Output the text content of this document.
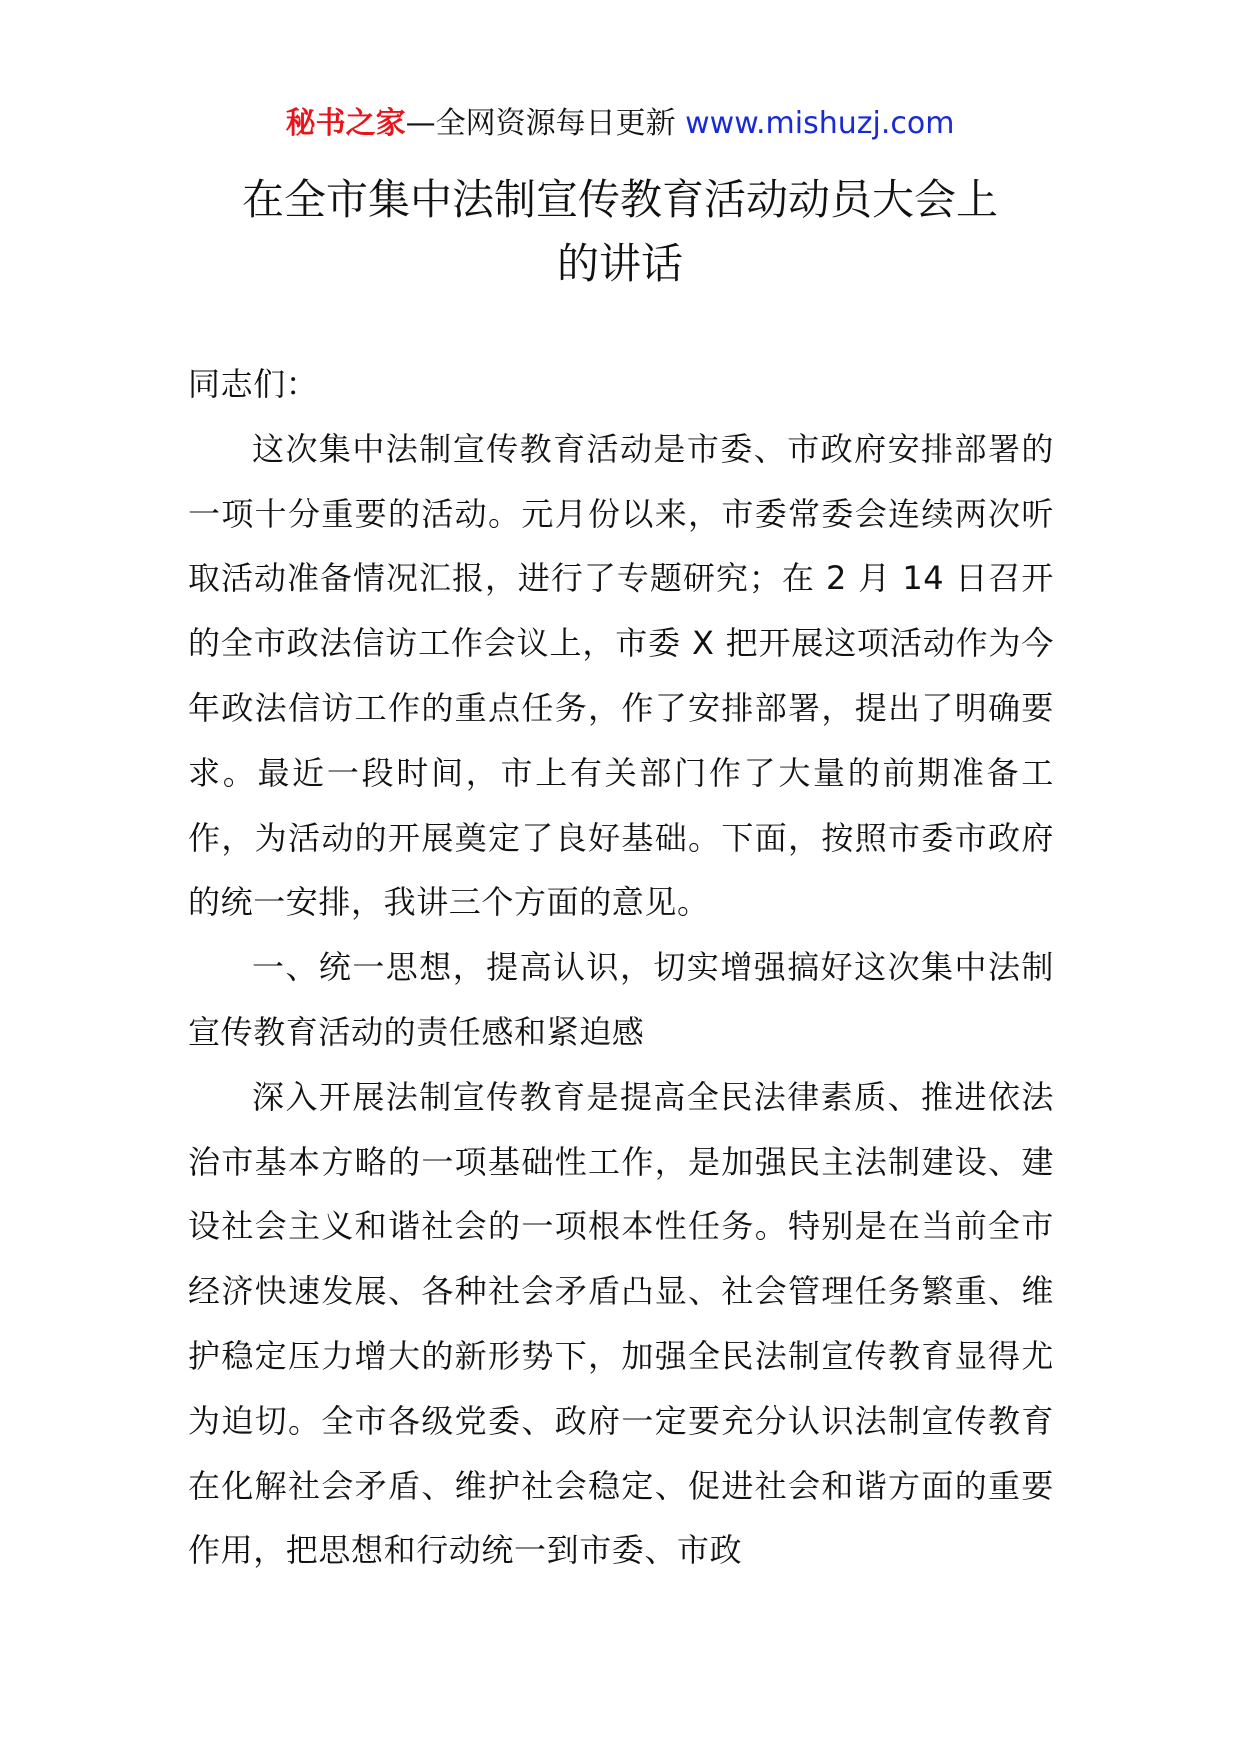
秘书之家—全网资源每日更新 www.mishuzj.com
在全市集中法制宣传教育活动动员大会上
的讲话

同志们：

这次集中法制宣传教育活动是市委、市政府安排部署的一项十分重要的活动。元月份以来，市委常委会连续两次听取活动准备情况汇报，进行了专题研究；在 2 月 14 日召开的全市政法信访工作会议上，市委 X 把开展这项活动作为今年政法信访工作的重点任务，作了安排部署，提出了明确要求。最近一段时间，市上有关部门作了大量的前期准备工作，为活动的开展奠定了良好基础。下面，按照市委市政府的统一安排，我讲三个方面的意见。

一、统一思想，提高认识，切实增强搞好这次集中法制宣传教育活动的责任感和紧迫感

深入开展法制宣传教育是提高全民法律素质、推进依法治市基本方略的一项基础性工作，是加强民主法制建设、建设社会主义和谐社会的一项根本性任务。特别是在当前全市经济快速发展、各种社会矛盾凸显、社会管理任务繁重、维护稳定压力增大的新形势下，加强全民法制宣传教育显得尤为迫切。全市各级党委、政府一定要充分认识法制宣传教育在化解社会矛盾、维护社会稳定、促进社会和谐方面的重要作用，把思想和行动统一到市委、市政
